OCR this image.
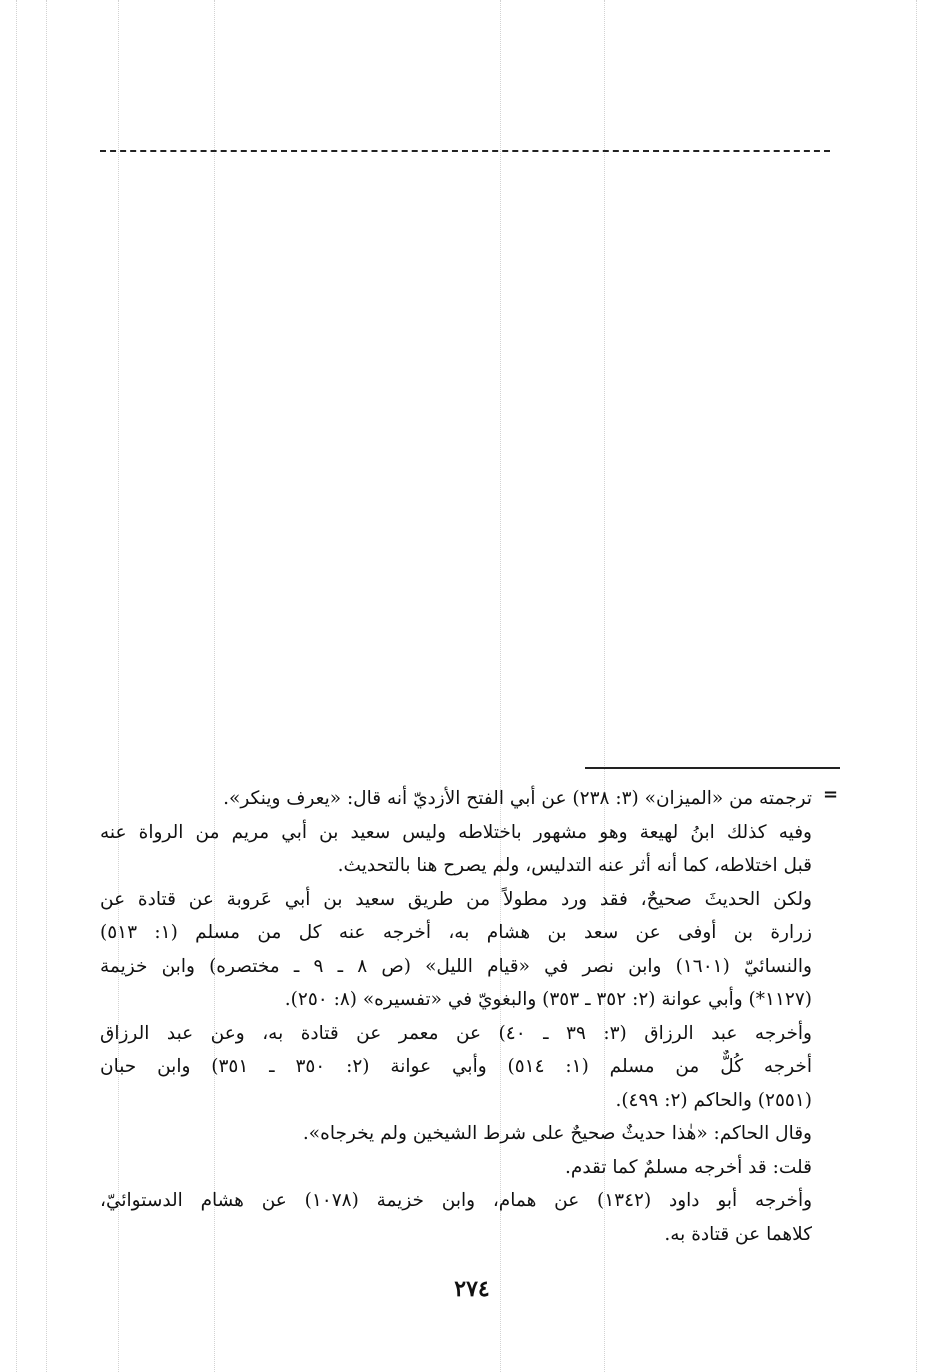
=
ترجمته من «الميزان» (٣: ٢٣٨) عن أبي الفتح الأزديّ أنه قال: «يعرف وينكر».
وفيه كذلك ابنُ لهيعة وهو مشهور باختلاطه وليس سعيد بن أبي مريم من الرواة عنه
قبل اختلاطه، كما أنه أثر عنه التدليس، ولم يصرح هنا بالتحديث.
ولكن الحديثَ صحيحٌ، فقد ورد مطولاً من طريق سعيد بن أبي عَروبة عن قتادة عن
زرارة بن أوفى عن سعد بن هشام به، أخرجه عنه كل من مسلم (١: ٥١٣)
والنسائيّ (١٦٠١) وابن نصر في «قيام الليل» (ص ٨ ـ ٩ ـ مختصره) وابن خزيمة
(١١٢٧*) وأبي عوانة (٢: ٣٥٢ ـ ٣٥٣) والبغويّ في «تفسيره» (٨: ٢٥٠).
وأخرجه عبد الرزاق (٣: ٣٩ ـ ٤٠) عن معمر عن قتادة به، وعن عبد الرزاق
أخرجه كُلٌّ من مسلم (١: ٥١٤) وأبي عوانة (٢: ٣٥٠ ـ ٣٥١) وابن حبان
(٢٥٥١) والحاكم (٢: ٤٩٩).
وقال الحاكم: «هٰذا حديثٌ صحيحٌ على شرط الشيخين ولم يخرجاه».
قلت: قد أخرجه مسلمٌ كما تقدم.
وأخرجه أبو داود (١٣٤٢) عن همام، وابن خزيمة (١٠٧٨) عن هشام الدستوائيّ،
كلاهما عن قتادة به.
٢٧٤
